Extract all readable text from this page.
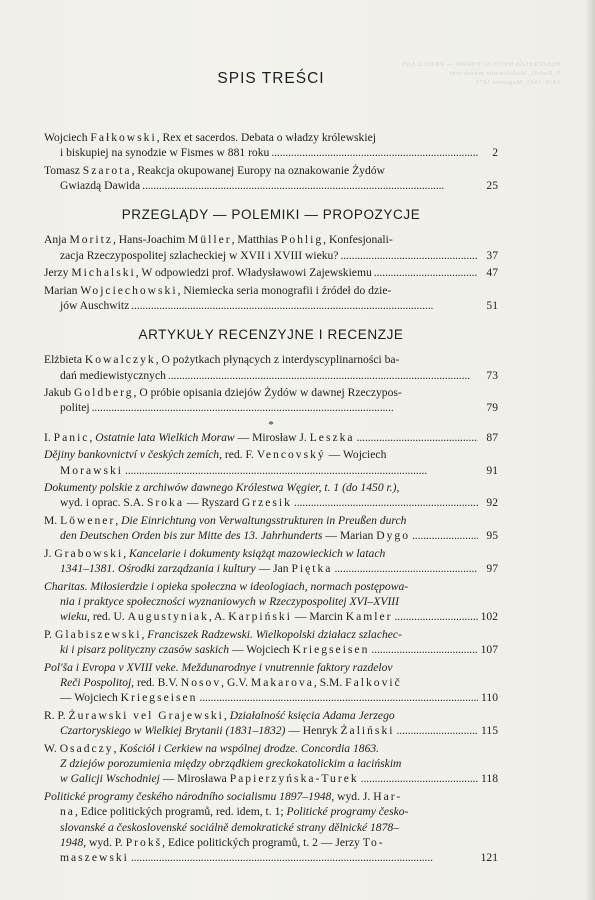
POSZCZEGÓLNYCH AUTORÓW — PRZEGLĄDY
F. Rudolf, Modelowanie przestrzeni
1939–1945, Magazine 1871
SPIS TREŚCI
Wojciech Fałkowski, Rex et sacerdos. Debata o władzy królewskiej
i biskupiej na synodzie w Fismes w 881 roku . . .	2
Tomasz Szarota, Reakcja okupowanej Europy na oznakowanie Żydów
Gwiazdą Dawida . . .	25
PRZEGLĄDY — POLEMIKI — PROPOZYCJE
Anja Moritz, Hans-Joachim Müller, Matthias Pohlig, Konfesjonali-
zacja Rzeczypospolitej szlacheckiej w XVII i XVIII wieku? . . .	37
Jerzy Michalski, W odpowiedzi prof. Władysławowi Zajewskiemu . . .	47
Marian Wojciechowski, Niemiecka seria monografii i źródeł do dzie-
jów Auschwitz . . .	51
ARTYKUŁY RECENZYJNE I RECENZJE
Elżbieta Kowalczyk, O pożytkach płynących z interdyscyplinarności ba-
dań mediewistycznych . . .	73
Jakub Goldberg, O próbie opisania dziejów Żydów w dawnej Rzeczypos-
politej . . .	79
*
I. Panic, Ostatnie lata Wielkich Moraw — Mirosław J. Leszka . . .	87
Dějiny bankovnictví v českých zemích, red. F. Vencovský — Wojciech
Morawski . . .	91
Dokumenty polskie z archiwów dawnego Królestwa Węgier, t. 1 (do 1450 r.),
wyd. i oprac. S.A. Sroka — Ryszard Grzesik . . .	92
M. Löwener, Die Einrichtung von Verwaltungsstrukturen in Preußen durch
den Deutschen Orden bis zur Mitte des 13. Jahrhunderts — Marian Dygo . . .	95
J. Grabowski, Kancelarie i dokumenty książąt mazowieckich w latach
1341–1381. Ośrodki zarządzania i kultury — Jan Piętka . . .	97
Charitas. Miłosierdzie i opieka społeczna w ideologiach, normach postępowa-
nia i praktyce społeczności wyznaniowych w Rzeczypospolitej XVI–XVIII
wieku, red. U. Augustyniak, A. Karpiński — Marcin Kamler . . .	102
P. Glabiszewski, Franciszek Radzewski. Wielkopolski działacz szlachec-
ki i pisarz polityczny czasów saskich — Wojciech Kriegseisen . . .	107
Pol'ša i Evropa v XVIII veke. Meždunarodnye i vnutrennie faktory razdelov
Reči Pospolitoj, red. B.V. Nosov, G.V. Makarova, S.M. Falkovič
— Wojciech Kriegseisen . . .	110
R. P. Żurawski vel Grajewski, Działalność księcia Adama Jerzego
Czartoryskiego w Wielkiej Brytanii (1831–1832) — Henryk Żaliński . . .	115
W. Osadczy, Kościół i Cerkiew na wspólnej drodze. Concordia 1863.
Z dziejów porozumienia między obrządkiem greckokatolickim a łacińskim
w Galicji Wschodniej — Mirosława Papierzyńska-Turek . . .	118
Politické programy českého národního socialismu 1897–1948, wyd. J. Har-
na, Edice politických programů, red. idem, t. 1; Politické programy česko-
slovanské a československé sociálně demokratické strany dělnické 1878–
1948, wyd. P. Prokš, Edice politických programů, t. 2 — Jerzy To-
maszewski . . .	121
